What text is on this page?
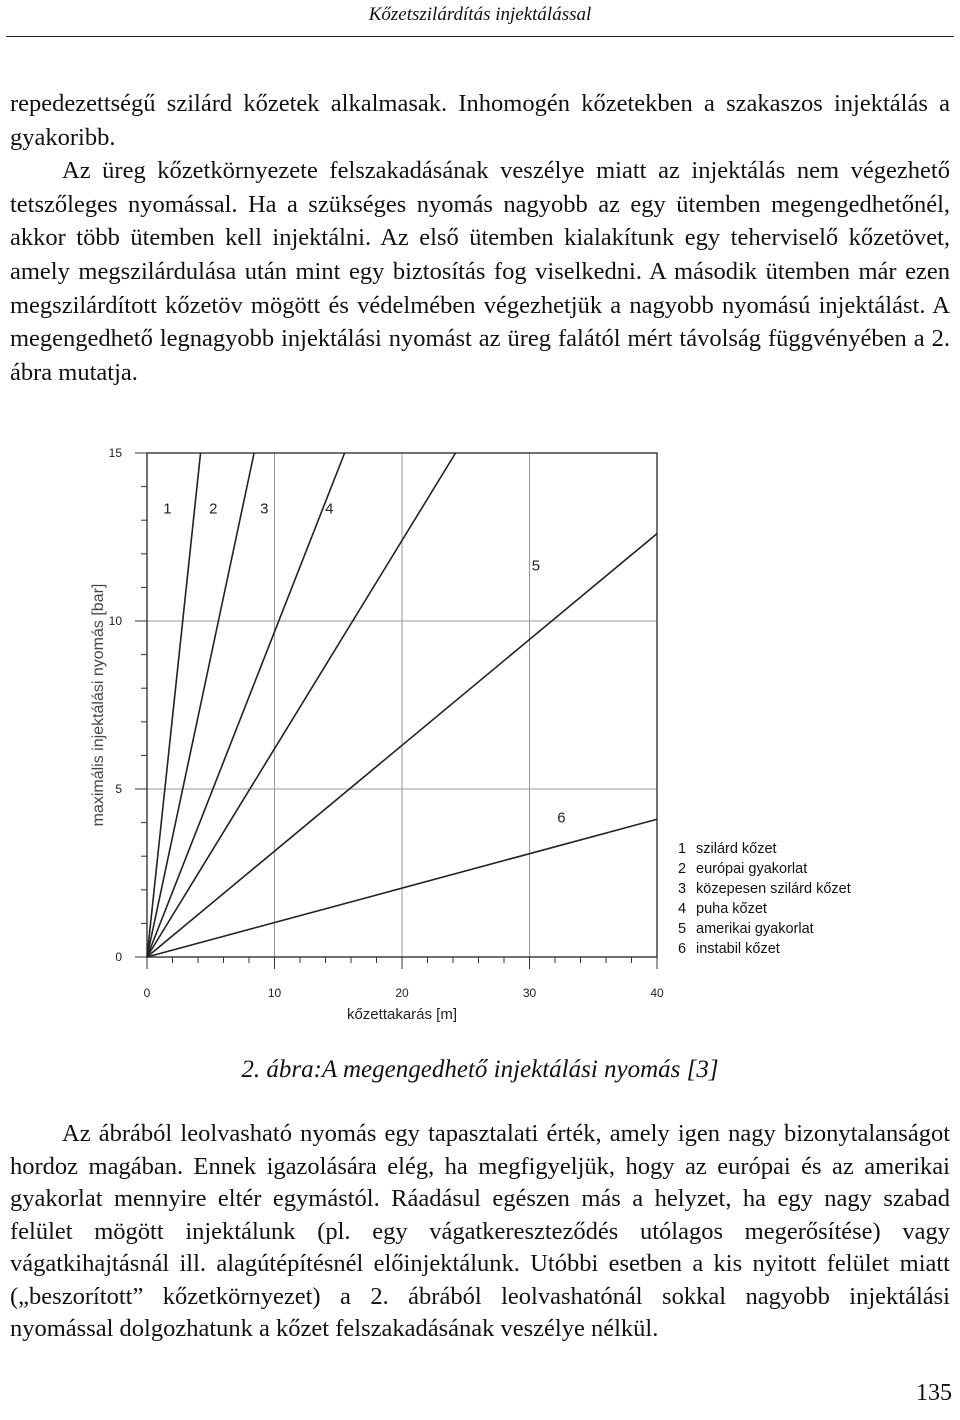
Kőzetszilárdítás injektálással
repedezettségű szilárd kőzetek alkalmasak. Inhomogén kőzetekben a szakaszos injektálás a gyakoribb.
Az üreg kőzetkörnyezete felszakadásának veszélye miatt az injektálás nem végezhető tetszőleges nyomással. Ha a szükséges nyomás nagyobb az egy ütemben megengedhetőnél, akkor több ütemben kell injektálni. Az első ütemben kialakítunk egy teherviselő kőzetövet, amely megszilárdulása után mint egy biztosítás fog viselkedni. A második ütemben már ezen megszilárdított kőzetöv mögött és védelmében végezhetjük a nagyobb nyomású injektálást. A megengedhető legnagyobb injektálási nyomást az üreg falától mért távolság függvényében a 2. ábra mutatja.
0	10	20	30	40
0
5
10
15
kőzettakarás [m]
maximális injektálási nyomás [bar]
1	2	3	4
5
6
1 szilárd kőzet
2 európai gyakorlat
3 közepesen szilárd kőzet
4 puha kőzet
5 amerikai gyakorlat
6 instabil kőzet
2. ábra:A megengedhető injektálási nyomás [3]
Az ábrából leolvasható nyomás egy tapasztalati érték, amely igen nagy bizonytalanságot hordoz magában. Ennek igazolására elég, ha megfigyeljük, hogy az európai és az amerikai gyakorlat mennyire eltér egymástól. Ráadásul egészen más a helyzet, ha egy nagy szabad felület mögött injektálunk (pl. egy vágatkereszteződés utólagos megerősítése) vagy vágatkihajtásnál ill. alagútépítésnél előinjektálunk. Utóbbi esetben a kis nyitott felület miatt („beszorított” kőzetkörnyezet) a 2. ábrából leolvashatónál sokkal nagyobb injektálási nyomással dolgozhatunk a kőzet felszakadásának veszélye nélkül.
135
